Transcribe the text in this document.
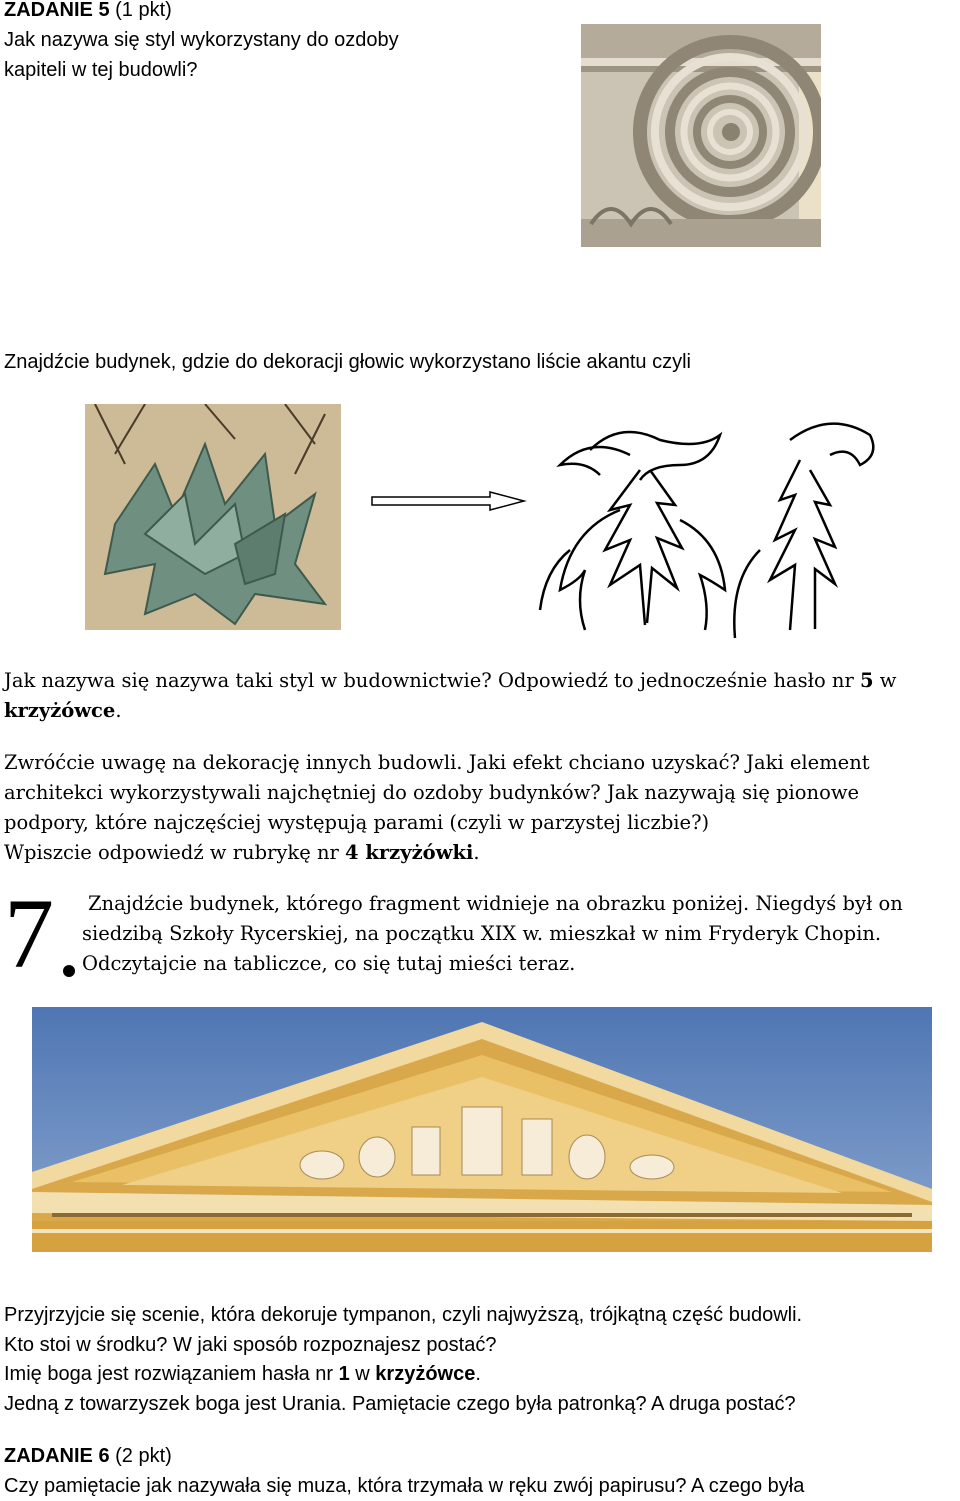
ZADANIE 5 (1 pkt)
Jak nazywa się styl wykorzystany do ozdoby
kapiteli w tej budowli?
Znajdźcie budynek, gdzie do dekoracji głowic wykorzystano liście akantu czyli
Jak nazywa się nazywa taki styl w budownictwie? Odpowiedź to jednocześnie hasło nr 5 w
krzyżówce.
Zwróćcie uwagę na dekorację innych budowli. Jaki efekt chciano uzyskać? Jaki element
architekci wykorzystywali najchętniej do ozdoby budynków? Jak nazywają się pionowe
podpory, które najczęściej występują parami (czyli w parzystej liczbie?)
Wpiszcie odpowiedź w rubrykę nr 4 krzyżówki.
7 Znajdźcie budynek, którego fragment widnieje na obrazku poniżej. Niegdyś był on
siedzibą Szkoły Rycerskiej, na początku XIX w. mieszkał w nim Fryderyk Chopin.
Odczytajcie na tabliczce, co się tutaj mieści teraz.
Przyjrzyjcie się scenie, która dekoruje tympanon, czyli najwyższą, trójkątną część budowli.
Kto stoi w środku? W jaki sposób rozpoznajesz postać?
Imię boga jest rozwiązaniem hasła nr 1 w krzyżówce.
Jedną z towarzyszek boga jest Urania. Pamiętacie czego była patronką? A druga postać?
ZADANIE 6 (2 pkt)
Czy pamiętacie jak nazywała się muza, która trzymała w ręku zwój papirusu? A czego była
